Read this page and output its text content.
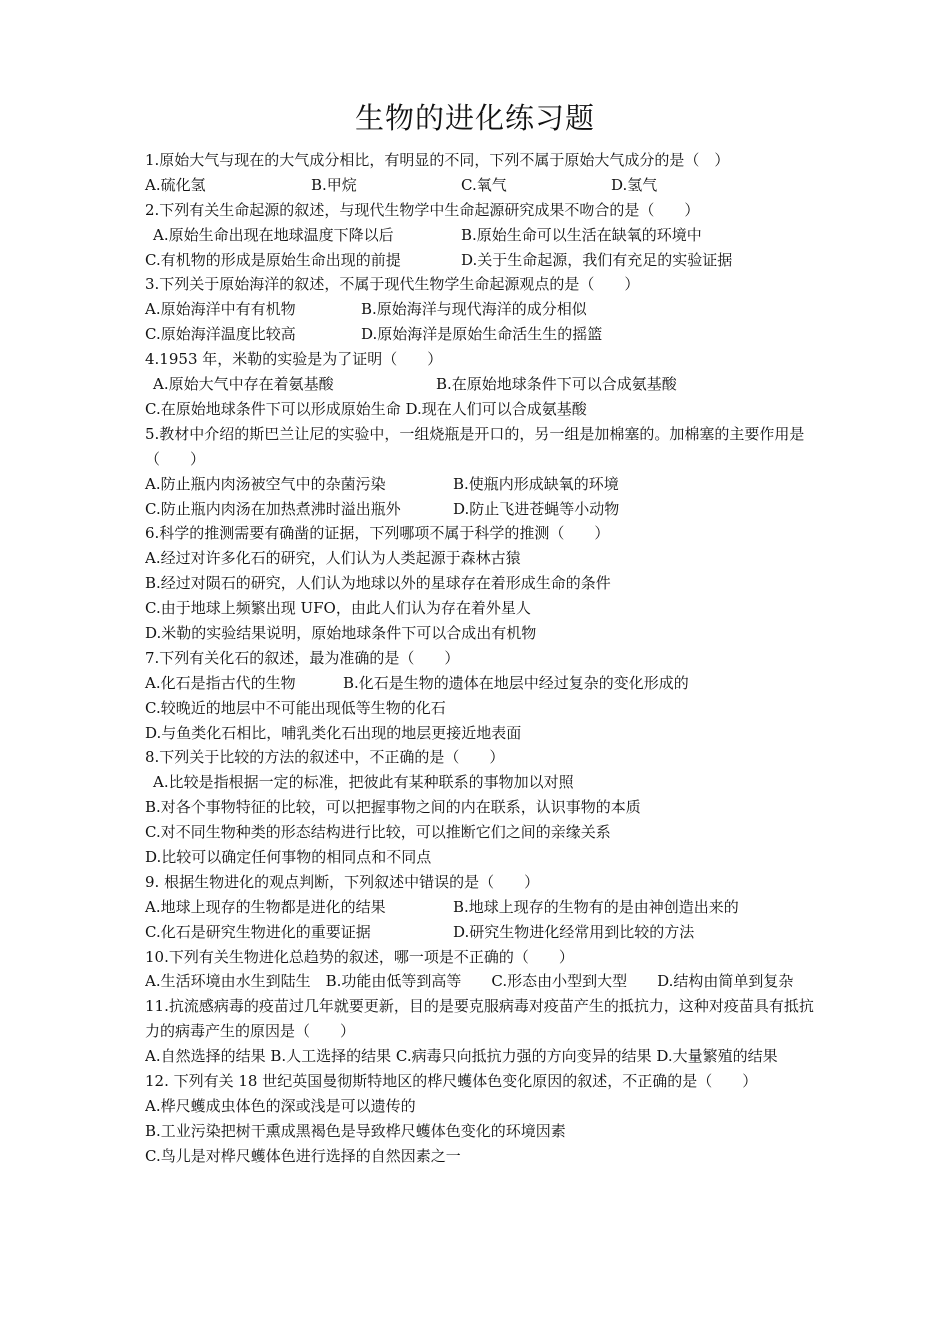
生物的进化练习题
1.原始大气与现在的大气成分相比，有明显的不同，下列不属于原始大气成分的是（　）
A.硫化氢	B.甲烷	C.氧气	D.氢气
2.下列有关生命起源的叙述，与现代生物学中生命起源研究成果不吻合的是（　　）
A.原始生命出现在地球温度下降以后	B.原始生命可以生活在缺氧的环境中
C.有机物的形成是原始生命出现的前提	D.关于生命起源，我们有充足的实验证据
3.下列关于原始海洋的叙述，不属于现代生物学生命起源观点的是（　　）
A.原始海洋中有有机物	B.原始海洋与现代海洋的成分相似
C.原始海洋温度比较高	D.原始海洋是原始生命活生生的摇篮
4.1953 年，米勒的实验是为了证明（　　）
A.原始大气中存在着氨基酸	B.在原始地球条件下可以合成氨基酸
C.在原始地球条件下可以形成原始生命 D.现在人们可以合成氨基酸
5.教材中介绍的斯巴兰让尼的实验中，一组烧瓶是开口的，另一组是加棉塞的。加棉塞的主要作用是（　　）
A.防止瓶内肉汤被空气中的杂菌污染	B.使瓶内形成缺氧的环境
C.防止瓶内肉汤在加热煮沸时溢出瓶外	D.防止飞进苍蝇等小动物
6.科学的推测需要有确凿的证据，下列哪项不属于科学的推测（　　）
A.经过对许多化石的研究，人们认为人类起源于森林古猿
B.经过对陨石的研究，人们认为地球以外的星球存在着形成生命的条件
C.由于地球上频繁出现 UFO，由此人们认为存在着外星人
D.米勒的实验结果说明，原始地球条件下可以合成出有机物
7.下列有关化石的叙述，最为准确的是（　　）
A.化石是指古代的生物	B.化石是生物的遗体在地层中经过复杂的变化形成的
C.较晚近的地层中不可能出现低等生物的化石
D.与鱼类化石相比，哺乳类化石出现的地层更接近地表面
8.下列关于比较的方法的叙述中，不正确的是（　　）
A.比较是指根据一定的标准，把彼此有某种联系的事物加以对照
B.对各个事物特征的比较，可以把握事物之间的内在联系，认识事物的本质
C.对不同生物种类的形态结构进行比较，可以推断它们之间的亲缘关系
D.比较可以确定任何事物的相同点和不同点
9. 根据生物进化的观点判断，下列叙述中错误的是（　　）
A.地球上现存的生物都是进化的结果	B.地球上现存的生物有的是由神创造出来的
C.化石是研究生物进化的重要证据	D.研究生物进化经常用到比较的方法
10.下列有关生物进化总趋势的叙述，哪一项是不正确的（　　）
A.生活环境由水生到陆生　B.功能由低等到高等　　C.形态由小型到大型　　D.结构由简单到复杂
11.抗流感病毒的疫苗过几年就要更新，目的是要克服病毒对疫苗产生的抵抗力，这种对疫苗具有抵抗力的病毒产生的原因是（　　）
A.自然选择的结果 B.人工选择的结果 C.病毒只向抵抗力强的方向变异的结果 D.大量繁殖的结果
12. 下列有关 18 世纪英国曼彻斯特地区的桦尺蠖体色变化原因的叙述，不正确的是（　　）
A.桦尺蠖成虫体色的深或浅是可以遗传的
B.工业污染把树干熏成黑褐色是导致桦尺蠖体色变化的环境因素
C.鸟儿是对桦尺蠖体色进行选择的自然因素之一
